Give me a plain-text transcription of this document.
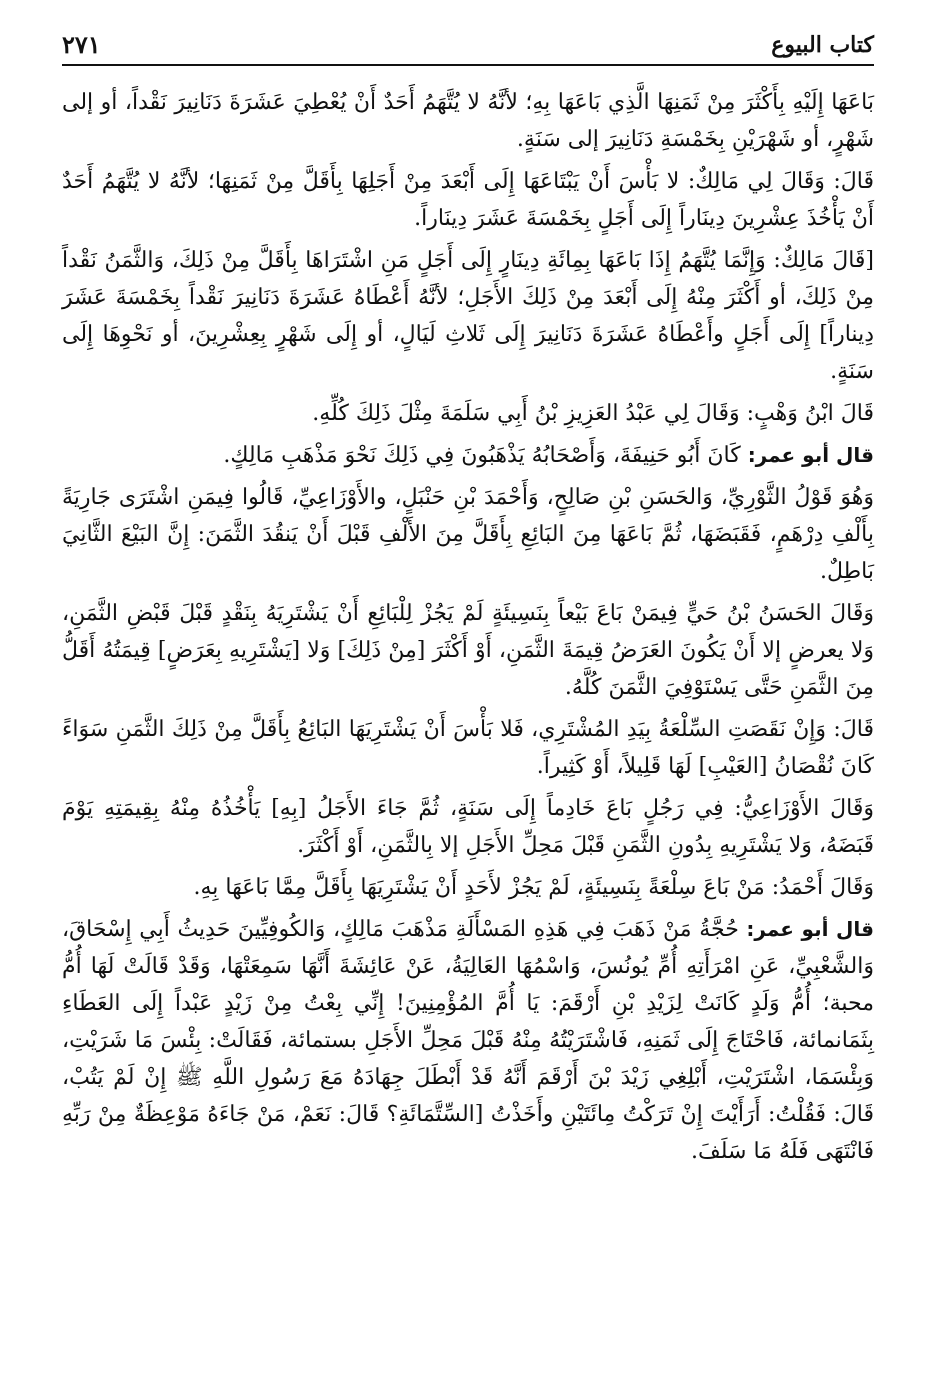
كتاب البيوع
٢٧١

بَاعَهَا إِلَيْهِ بِأَكْثَرَ مِنْ ثَمَنِهَا الَّذِي بَاعَهَا بِهِ؛ لأنَّهُ لا يُتَّهَمُ أَحَدٌ أَنْ يُعْطِيَ عَشَرَةَ دَنَانِيرَ نَقْداً، أو إلى شَهْرٍ، أو شَهْرَيْنِ بِخَمْسَةِ دَنَانِيرَ إلى سَنَةٍ.

قَالَ: وَقَالَ لِي مَالِكٌ: لا بَأْسَ أَنْ يَبْتَاعَهَا إِلَى أَبْعَدَ مِنْ أَجَلِهَا بِأَقَلَّ مِنْ ثَمَنِهَا؛ لأنَّهُ لا يُتَّهَمُ أَحَدٌ أَنْ يَأْخُذَ عِشْرِينَ دِينَاراً إِلَى أَجَلٍ بِخَمْسَةَ عَشَرَ دِينَاراً.

[قَالَ مَالِكٌ: وَإِنَّمَا يُتَّهَمُ إِذَا بَاعَهَا بِمِائَةِ دِينَارٍ إِلَى أَجَلٍ مَنِ اشْتَرَاهَا بِأَقَلَّ مِنْ ذَلِكَ، وَالثَّمَنُ نَقْداً مِنْ ذَلِكَ، أو أَكْثَرَ مِنْهُ إِلَى أَبْعَدَ مِنْ ذَلِكَ الأَجَلِ؛ لأنَّهُ أَعْطَاهُ عَشَرَةَ دَنَانِيرَ نَقْداً بِخَمْسَةَ عَشَرَ دِيناراً] إِلَى أَجَلٍ وأَعْطَاهُ عَشَرَةَ دَنَانِيرَ إِلَى ثَلاثِ لَيَالٍ، أو إِلَى شَهْرٍ بِعِشْرِينَ، أو نَحْوِهَا إِلَى سَنَةٍ.

قَالَ ابْنُ وَهْبٍ: وَقَالَ لِي عَبْدُ العَزِيزِ بْنُ أَبِي سَلَمَةَ مِثْلَ ذَلِكَ كُلِّهِ.

قال أبو عمر: كَانَ أَبُو حَنِيفَةَ، وَأَصْحَابُهُ يَذْهَبُونَ فِي ذَلِكَ نَحْوَ مَذْهَبِ مَالِكٍ.

وَهُوَ قَوْلُ الثَّوْرِيِّ، وَالحَسَنِ بْنِ صَالِحٍ، وَأَحْمَدَ بْنِ حَنْبَلٍ، والأَوْزَاعِيِّ، قَالُوا فِيمَنِ اشْتَرَى جَارِيَةً بِأَلْفِ دِرْهَمٍ، فَقَبَضَهَا، ثُمَّ بَاعَهَا مِنَ البَائِعِ بِأَقَلَّ مِنَ الأَلْفِ قَبْلَ أَنْ يَنقُدَ الثَّمَنَ: إِنَّ البَيْعَ الثَّانِيَ بَاطِلٌ.

وَقَالَ الحَسَنُ بْنُ حَيٍّ فِيمَنْ بَاعَ بَيْعاً بِنَسِيئَةٍ لَمْ يَجُزْ لِلْبَائِعِ أَنْ يَشْتَرِيَهُ بِنَقْدٍ قَبْلَ قَبْضِ الثَّمَنِ، وَلا يعرضٍ إلا أَنْ يَكُونَ العَرَضُ قِيمَةَ الثَّمَنِ، أَوْ أَكْثَرَ [مِنْ ذَلِكَ] وَلا [يَشْتَرِيهِ بِعَرَضٍ] قِيمَتُهُ أَقَلُّ مِنَ الثَّمَنِ حَتَّى يَسْتَوْفِيَ الثَّمَنَ كُلَّهُ.

قَالَ: وَإِنْ نَقَصَتِ السِّلْعَةُ بِيَدِ المُشْتَرِي، فَلا بَأْسَ أَنْ يَشْتَرِيَهَا البَائِعُ بِأَقَلَّ مِنْ ذَلِكَ الثَّمَنِ سَوَاءً كَانَ نُقْصَانُ [العَيْبِ] لَهَا قَلِيلاً، أَوْ كَثِيراً.

وَقَالَ الأَوْزَاعِيُّ: فِي رَجُلٍ بَاعَ خَادِماً إِلَى سَنَةٍ، ثُمَّ جَاءَ الأَجَلُ [بِهِ] يَأْخُذُهُ مِنْهُ بِقِيمَتِهِ يَوْمَ قَبَضَهُ، وَلا يَشْتَرِيهِ بِدُونِ الثَّمَنِ قَبْلَ مَحِلِّ الأَجَلِ إلا بِالثَّمَنِ، أَوْ أَكْثَرَ.

وَقَالَ أَحْمَدُ: مَنْ بَاعَ سِلْعَةً بِنَسِيئَةٍ، لَمْ يَجُزْ لأَحَدٍ أَنْ يَشْتَرِيَهَا بِأَقَلَّ مِمَّا بَاعَهَا بِهِ.

قال أبو عمر: حُجَّةُ مَنْ ذَهَبَ فِي هَذِهِ المَسْأَلَةِ مَذْهَبَ مَالِكٍ، وَالكُوفِيِّينَ حَدِيثُ أَبِي إِسْحَاقَ، وَالشَّعْبِيِّ، عَنِ امْرَأَتِهِ أُمِّ يُونُسَ، وَاسْمُهَا العَالِيَةُ، عَنْ عَائِشَةَ أَنَّهَا سَمِعَتْهَا، وَقَدْ قَالَتْ لَهَا أُمُّ محبة؛ أُمُّ وَلَدٍ كَانَتْ لِزَيْدِ بْنِ أَرْقَمَ: يَا أُمَّ المُؤْمِنِينَ! إِنِّي بِعْتُ مِنْ زَيْدٍ عَبْداً إِلَى العَطَاءِ بِثَمَانمائة، فَاحْتَاجَ إِلَى ثَمَنِهِ، فَاشْتَرَيْتُهُ مِنْهُ قَبْلَ مَحِلِّ الأَجَلِ بستمائة، فَقَالَتْ: بِئْسَ مَا شَرَيْتِ، وَبِئْسَمَا، اشْتَرَيْتِ، أَبْلِغِي زَيْدَ بْنَ أَرْقَمَ أَنَّهُ قَدْ أَبْطَلَ جِهَادَهُ مَعَ رَسُولِ اللَّهِ ﷺ إِنْ لَمْ يَتُبْ، قَالَ: فَقُلْتُ: أَرَأَيْتَ إِنْ تَرَكْتُ مِائَتَيْنِ وأَخَذْتُ [السِّتَّمَائَةِ؟ قَالَ: نَعَمْ، مَنْ جَاءَهُ مَوْعِظَةٌ مِنْ رَبِّهِ فَانْتَهَى فَلَهُ مَا سَلَفَ.
